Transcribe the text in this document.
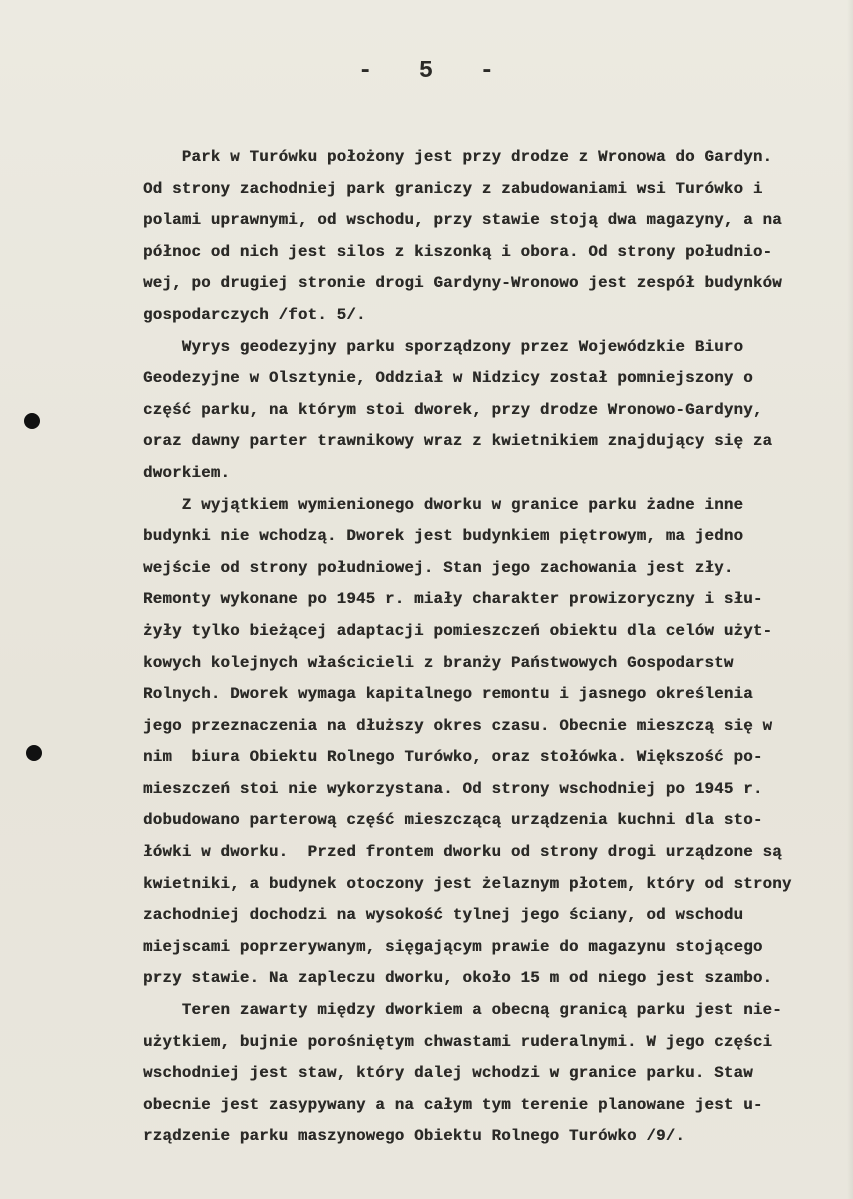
- 5 -
Park w Turówku położony jest przy drodze z Wronowa do Gardyn.
Od strony zachodniej park graniczy z zabudowaniami wsi Turówko i
polami uprawnymi, od wschodu, przy stawie stoją dwa magazyny, a na
północ od nich jest silos z kiszonką i obora. Od strony południo-
wej, po drugiej stronie drogi Gardyny-Wronowo jest zespół budynków
gospodarczych /fot. 5/.
Wyrys geodezyjny parku sporządzony przez Wojewódzkie Biuro
Geodezyjne w Olsztynie, Oddział w Nidzicy został pomniejszony o
część parku, na którym stoi dworek, przy drodze Wronowo-Gardyny,
oraz dawny parter trawnikowy wraz z kwietnikiem znajdujący się za
dworkiem.
Z wyjątkiem wymienionego dworku w granice parku żadne inne
budynki nie wchodzą. Dworek jest budynkiem piętrowym, ma jedno
wejście od strony południowej. Stan jego zachowania jest zły.
Remonty wykonane po 1945 r. miały charakter prowizoryczny i słu-
żyły tylko bieżącej adaptacji pomieszczeń obiektu dla celów użyt-
kowych kolejnych właścicieli z branży Państwowych Gospodarstw
Rolnych. Dworek wymaga kapitalnego remontu i jasnego określenia
jego przeznaczenia na dłuższy okres czasu. Obecnie mieszczą się w
nim  biura Obiektu Rolnego Turówko, oraz stołówka. Większość po-
mieszczeń stoi nie wykorzystana. Od strony wschodniej po 1945 r.
dobudowano parterową część mieszczącą urządzenia kuchni dla sto-
łówki w dworku.  Przed frontem dworku od strony drogi urządzone są
kwietniki, a budynek otoczony jest żelaznym płotem, który od strony
zachodniej dochodzi na wysokość tylnej jego ściany, od wschodu
miejscami poprzerywanym, sięgającym prawie do magazynu stojącego
przy stawie. Na zapleczu dworku, około 15 m od niego jest szambo.
Teren zawarty między dworkiem a obecną granicą parku jest nie-
użytkiem, bujnie porośniętym chwastami ruderalnymi. W jego części
wschodniej jest staw, który dalej wchodzi w granice parku. Staw
obecnie jest zasypywany a na całym tym terenie planowane jest u-
rządzenie parku maszynowego Obiektu Rolnego Turówko /9/.
